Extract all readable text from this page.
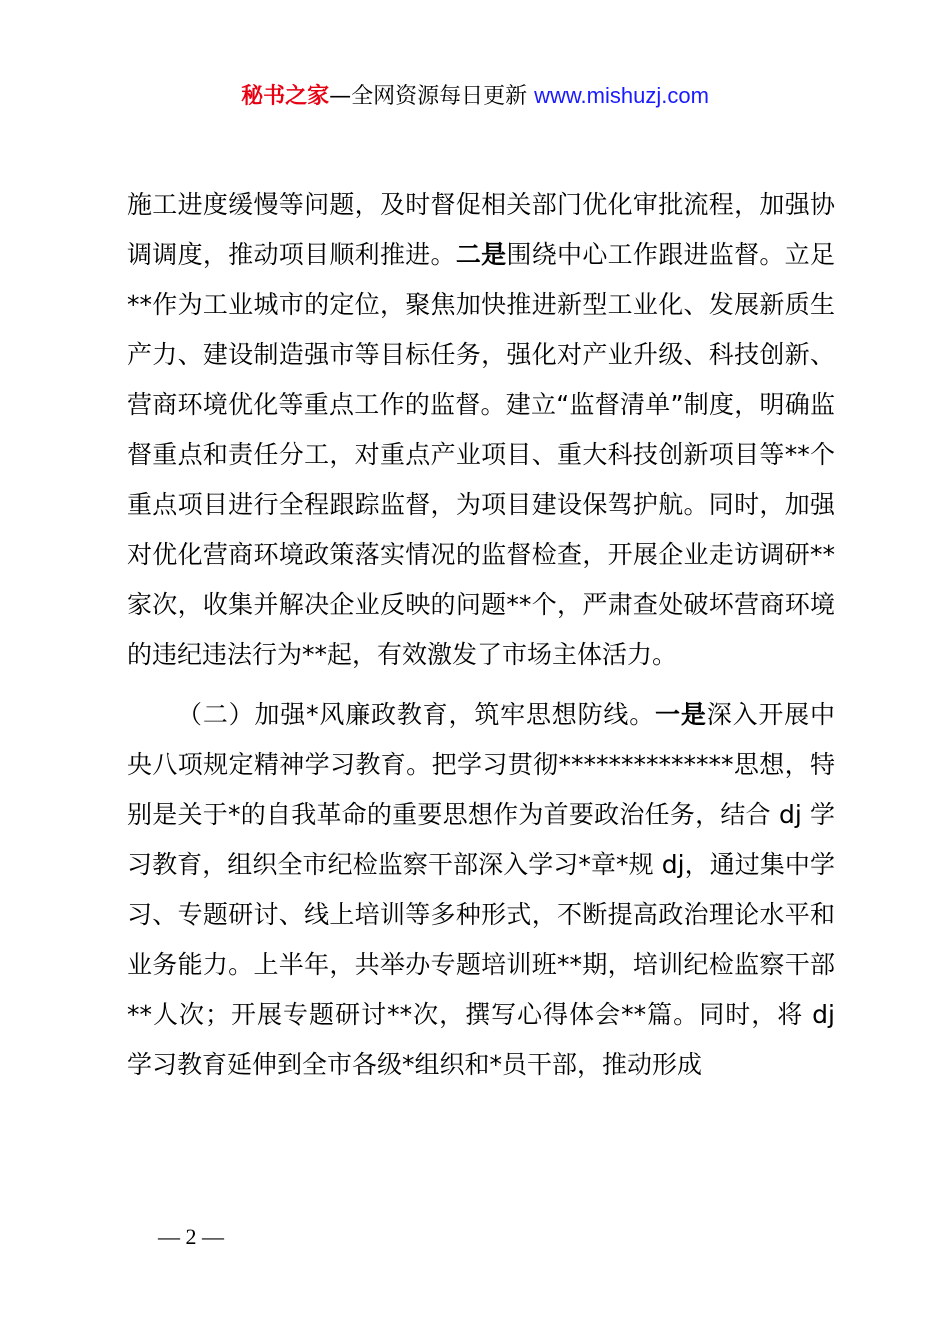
秘书之家—全网资源每日更新 www.mishuzj.com

施工进度缓慢等问题，及时督促相关部门优化审批流程，加强协调调度，推动项目顺利推进。二是围绕中心工作跟进监督。立足**作为工业城市的定位，聚焦加快推进新型工业化、发展新质生产力、建设制造强市等目标任务，强化对产业升级、科技创新、营商环境优化等重点工作的监督。建立“监督清单”制度，明确监督重点和责任分工，对重点产业项目、重大科技创新项目等**个重点项目进行全程跟踪监督，为项目建设保驾护航。同时，加强对优化营商环境政策落实情况的监督检查，开展企业走访调研**家次，收集并解决企业反映的问题**个，严肃查处破坏营商环境的违纪违法行为**起，有效激发了市场主体活力。

（二）加强*风廉政教育，筑牢思想防线。一是深入开展中央八项规定精神学习教育。把学习贯彻**************思想，特别是关于*的自我革命的重要思想作为首要政治任务，结合 dj 学习教育，组织全市纪检监察干部深入学习*章*规 dj，通过集中学习、专题研讨、线上培训等多种形式，不断提高政治理论水平和业务能力。上半年，共举办专题培训班**期，培训纪检监察干部**人次；开展专题研讨**次，撰写心得体会**篇。同时，将 dj 学习教育延伸到全市各级*组织和*员干部，推动形成

— 2 —
